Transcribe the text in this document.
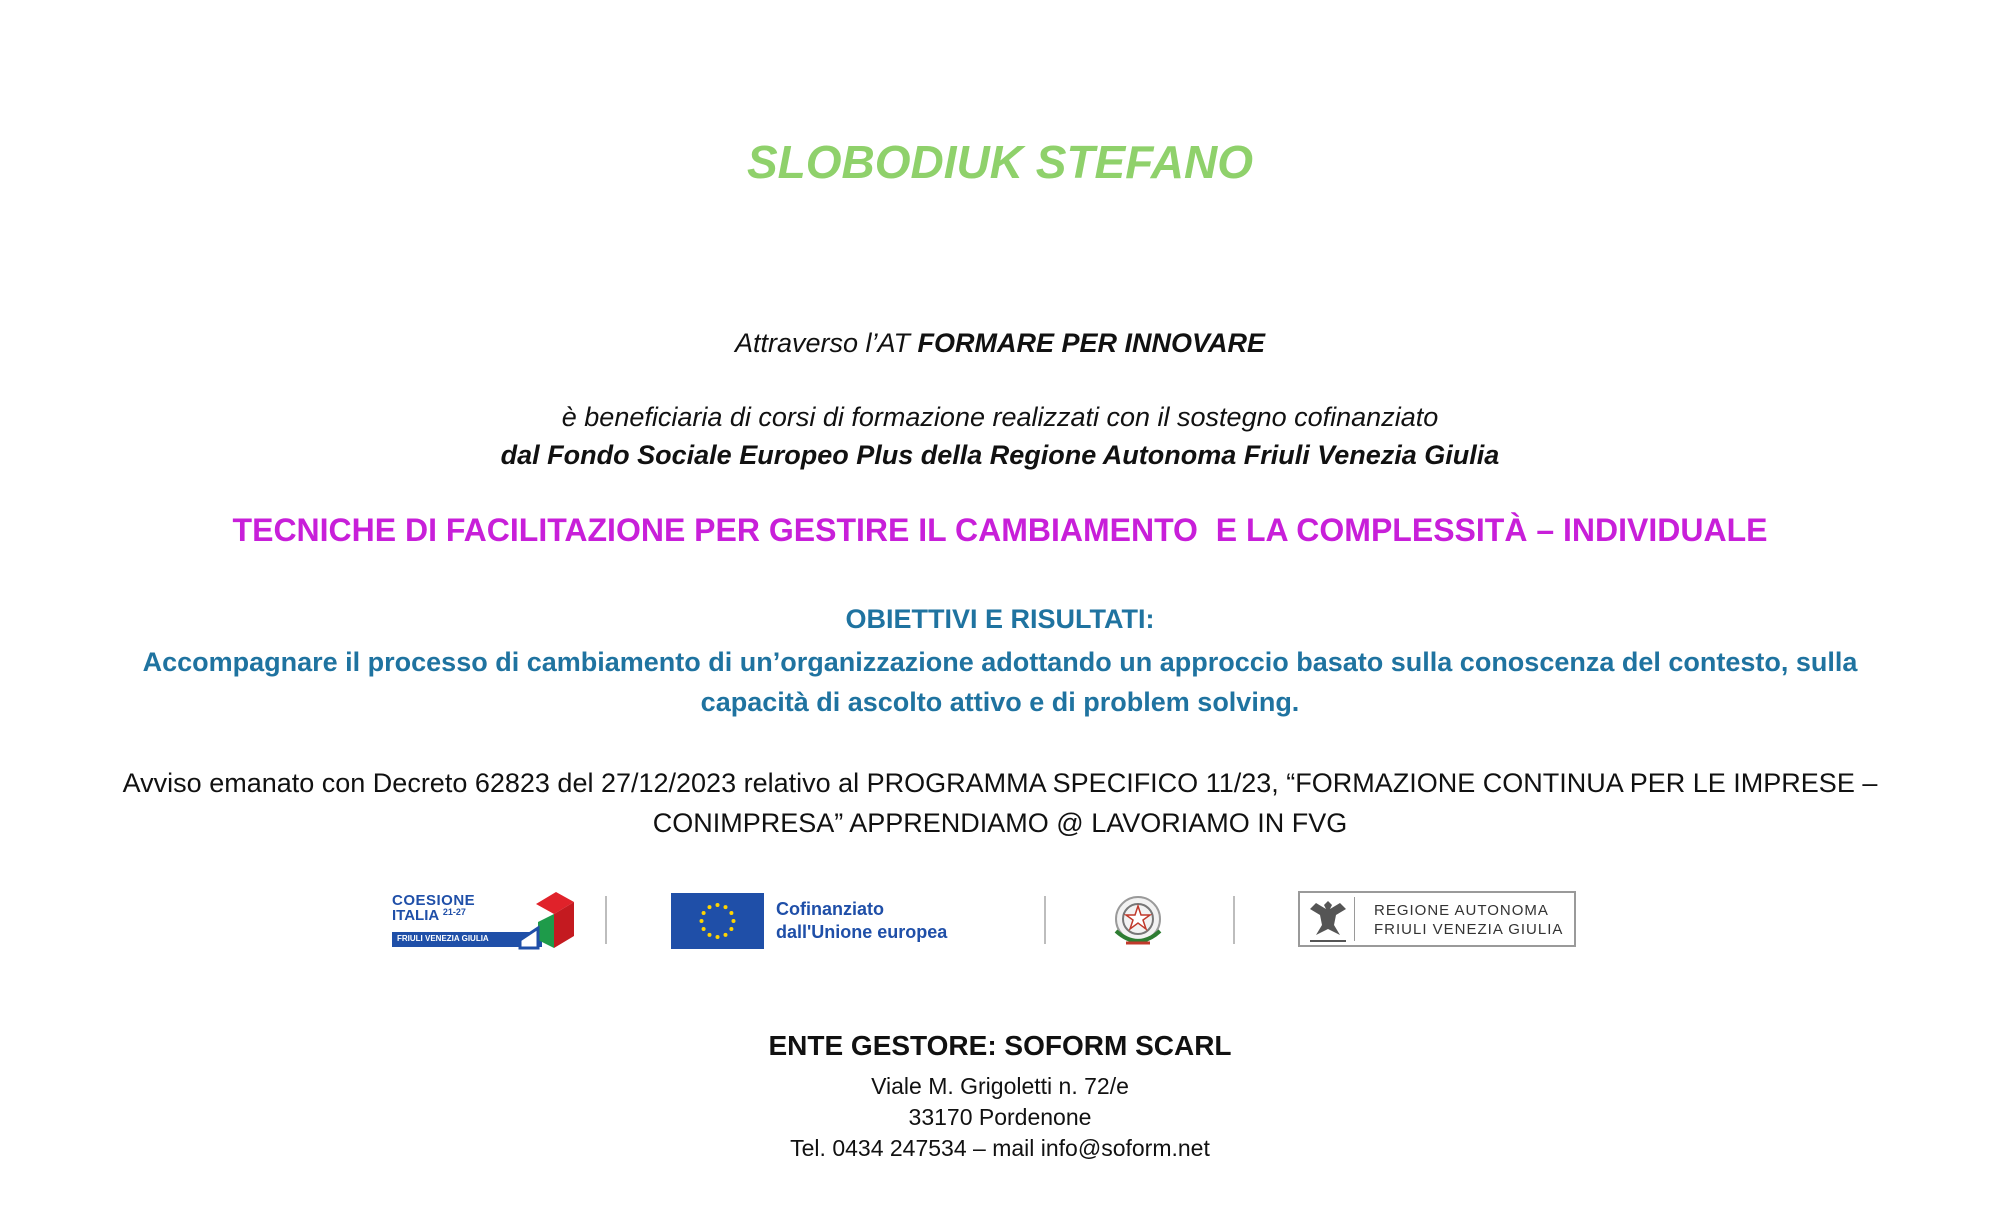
SLOBODIUK STEFANO
Attraverso l’AT FORMARE PER INNOVARE
è beneficiaria di corsi di formazione realizzati con il sostegno cofinanziato
dal Fondo Sociale Europeo Plus della Regione Autonoma Friuli Venezia Giulia
TECNICHE DI FACILITAZIONE PER GESTIRE IL CAMBIAMENTO  E LA COMPLESSITÀ – INDIVIDUALE
OBIETTIVI E RISULTATI:
Accompagnare il processo di cambiamento di un’organizzazione adottando un approccio basato sulla conoscenza del contesto, sulla
capacità di ascolto attivo e di problem solving.
Avviso emanato con Decreto 62823 del 27/12/2023 relativo al PROGRAMMA SPECIFICO 11/23, “FORMAZIONE CONTINUA PER LE IMPRESE –
CONIMPRESA” APPRENDIAMO @ LAVORIAMO IN FVG
COESIONE
ITALIA $^{21-27}$
FRIULI VENEZIA GIULIA
Cofinanziato
dall'Unione europea
REGIONE AUTONOMA
FRIULI VENEZIA GIULIA
ENTE GESTORE: SOFORM SCARL
Viale M. Grigoletti n. 72/e
33170 Pordenone
Tel. 0434 247534 – mail info@soform.net
